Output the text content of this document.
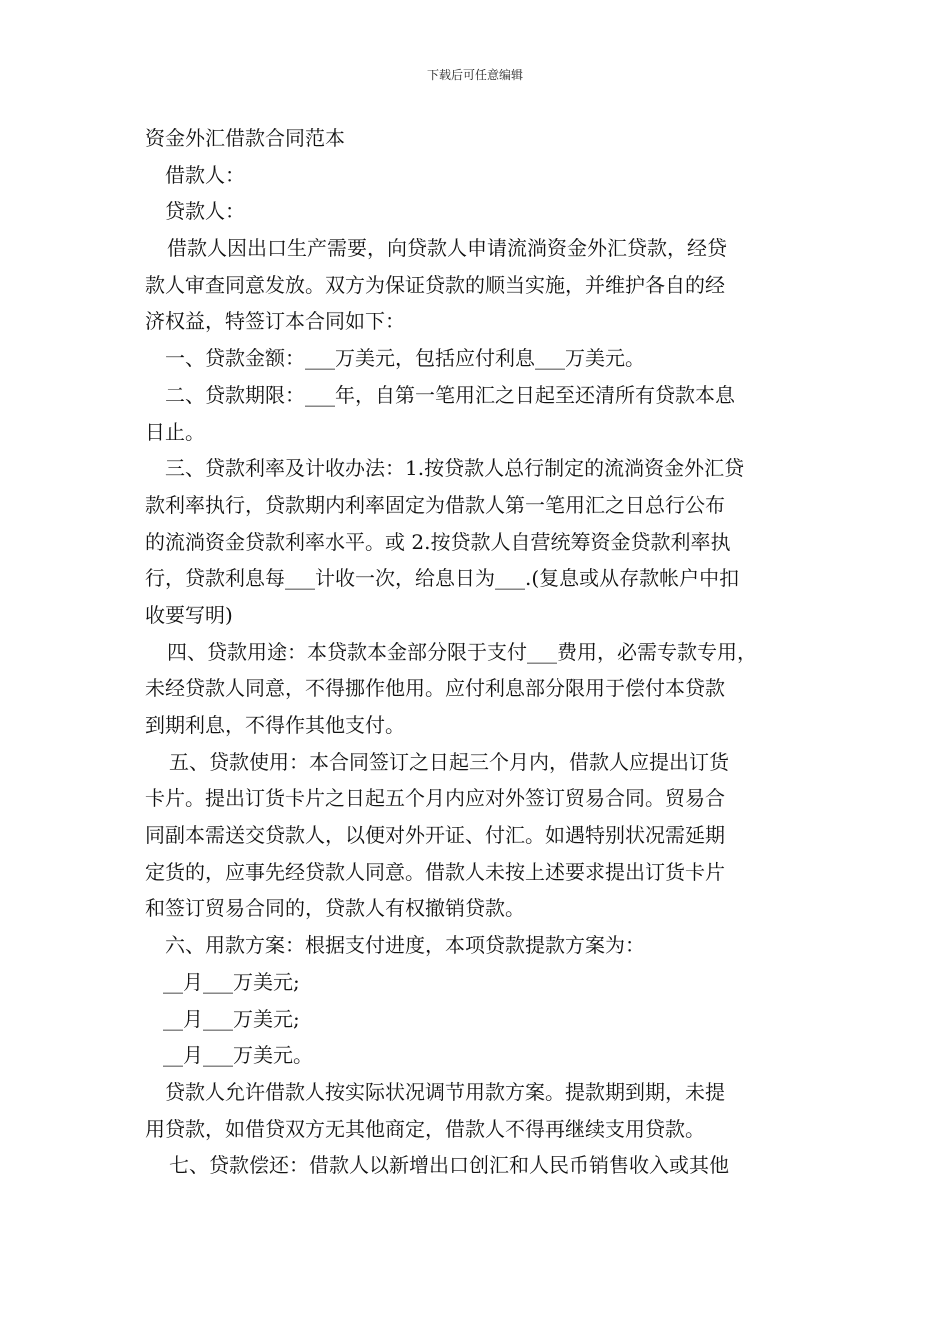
下载后可任意编辑
资金外汇借款合同范本
借款人：
贷款人：
借款人因出口生产需要，向贷款人申请流淌资金外汇贷款，经贷
款人审查同意发放。双方为保证贷款的顺当实施，并维护各自的经
济权益，特签订本合同如下：
一、贷款金额：___万美元，包括应付利息___万美元。
二、贷款期限：___年，自第一笔用汇之日起至还清所有贷款本息
日止。
三、贷款利率及计收办法：1.按贷款人总行制定的流淌资金外汇贷
款利率执行，贷款期内利率固定为借款人第一笔用汇之日总行公布
的流淌资金贷款利率水平。或 2.按贷款人自营统筹资金贷款利率执
行，贷款利息每___计收一次，给息日为___.(复息或从存款帐户中扣
收要写明)
四、贷款用途：本贷款本金部分限于支付___费用，必需专款专用，
未经贷款人同意，不得挪作他用。应付利息部分限用于偿付本贷款
到期利息，不得作其他支付。
五、贷款使用：本合同签订之日起三个月内，借款人应提出订货
卡片。提出订货卡片之日起五个月内应对外签订贸易合同。贸易合
同副本需送交贷款人，以便对外开证、付汇。如遇特别状况需延期
定货的，应事先经贷款人同意。借款人未按上述要求提出订货卡片
和签订贸易合同的，贷款人有权撤销贷款。
六、用款方案：根据支付进度，本项贷款提款方案为：
__月___万美元;
__月___万美元;
__月___万美元。
贷款人允许借款人按实际状况调节用款方案。提款期到期，未提
用贷款，如借贷双方无其他商定，借款人不得再继续支用贷款。
七、贷款偿还：借款人以新增出口创汇和人民币销售收入或其他
